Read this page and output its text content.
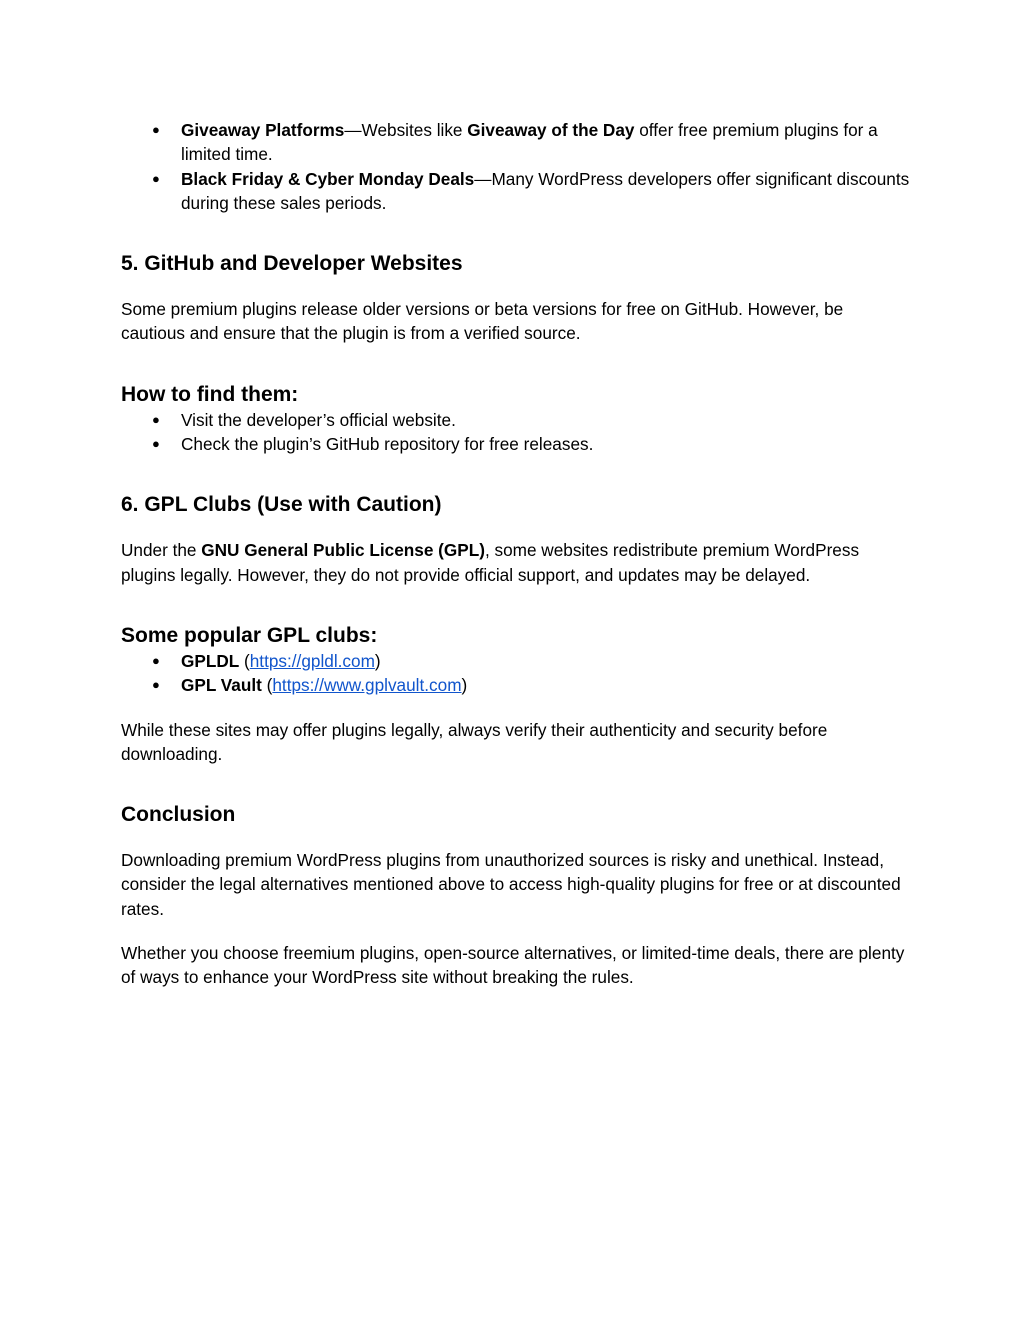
● Giveaway Platforms—Websites like Giveaway of the Day offer free premium plugins for a limited time.
● Black Friday & Cyber Monday Deals—Many WordPress developers offer significant discounts during these sales periods.
5. GitHub and Developer Websites

Some premium plugins release older versions or beta versions for free on GitHub. However, be cautious and ensure that the plugin is from a verified source.

How to find them:
● Visit the developer’s official website.
● Check the plugin’s GitHub repository for free releases.
6. GPL Clubs (Use with Caution)

Under the GNU General Public License (GPL), some websites redistribute premium WordPress plugins legally. However, they do not provide official support, and updates may be delayed.

Some popular GPL clubs:
● GPLDL (https://gpldl.com)
● GPL Vault (https://www.gplvault.com)

While these sites may offer plugins legally, always verify their authenticity and security before downloading.

Conclusion

Downloading premium WordPress plugins from unauthorized sources is risky and unethical. Instead, consider the legal alternatives mentioned above to access high-quality plugins for free or at discounted rates.

Whether you choose freemium plugins, open-source alternatives, or limited-time deals, there are plenty of ways to enhance your WordPress site without breaking the rules.
